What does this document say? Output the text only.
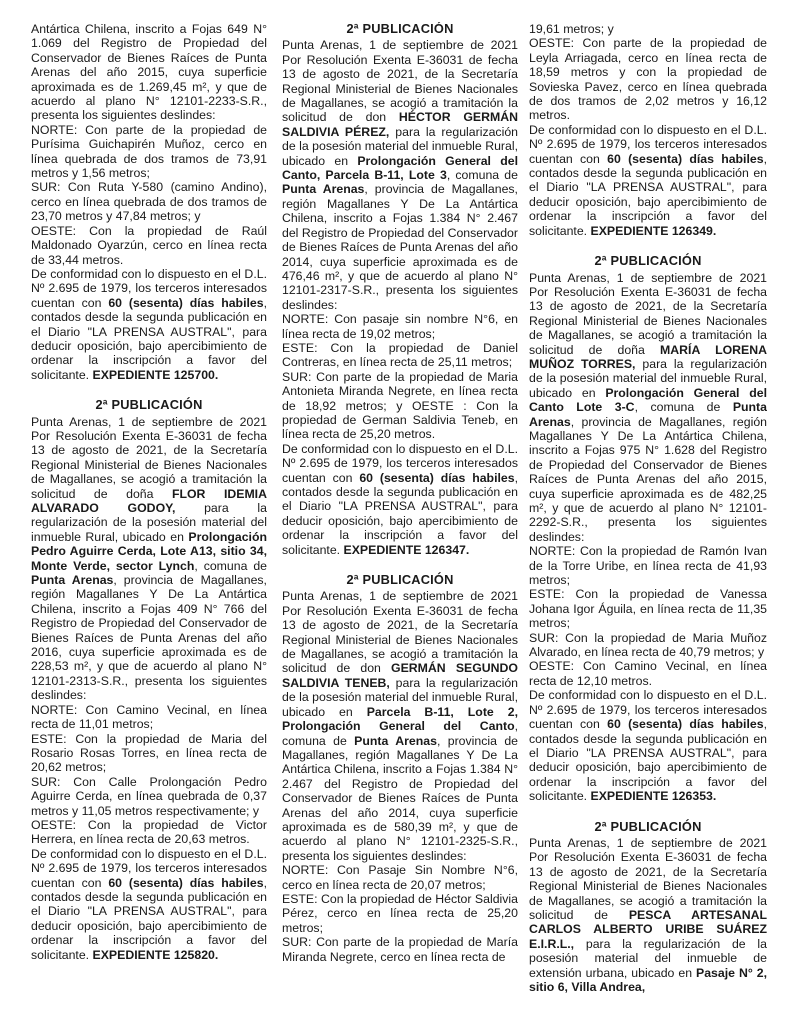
Antártica Chilena, inscrito a Fojas 649 N° 1.069 del Registro de Propiedad del Conservador de Bienes Raíces de Punta Arenas del año 2015, cuya superficie aproximada es de 1.269,45 m², y que de acuerdo al plano N° 12101-2233-S.R., presenta los siguientes deslindes:

NORTE: Con parte de la propiedad de Purísima Guichapirén Muñoz, cerco en línea quebrada de dos tramos de 73,91 metros y 1,56 metros;

SUR: Con Ruta Y-580 (camino Andino), cerco en línea quebrada de dos tramos de 23,70 metros y 47,84 metros; y

OESTE: Con la propiedad de Raúl Maldonado Oyarzún, cerco en línea recta de 33,44 metros.

De conformidad con lo dispuesto en el D.L. Nº 2.695 de 1979, los terceros interesados cuentan con 60 (sesenta) días habiles, contados desde la segunda publicación en el Diario "LA PRENSA AUSTRAL", para deducir oposición, bajo apercibimiento de ordenar la inscripción a favor del solicitante. EXPEDIENTE 125700.

2ª PUBLICACIÓN

Punta Arenas, 1 de septiembre de 2021 Por Resolución Exenta E-36031 de fecha 13 de agosto de 2021, de la Secretaría Regional Ministerial de Bienes Nacionales de Magallanes, se acogió a tramitación la solicitud de doña FLOR IDEMIA ALVARADO GODOY, para la regularización de la posesión material del inmueble Rural, ubicado en Prolongación Pedro Aguirre Cerda, Lote A13, sitio 34, Monte Verde, sector Lynch, comuna de Punta Arenas, provincia de Magallanes, región Magallanes Y De La Antártica Chilena, inscrito a Fojas 409 N° 766 del Registro de Propiedad del Conservador de Bienes Raíces de Punta Arenas del año 2016, cuya superficie aproximada es de 228,53 m², y que de acuerdo al plano N° 12101-2313-S.R., presenta los siguientes deslindes:

NORTE: Con Camino Vecinal, en línea recta de 11,01 metros;

ESTE: Con la propiedad de Maria del Rosario Rosas Torres, en línea recta de 20,62 metros;

SUR: Con Calle Prolongación Pedro Aguirre Cerda, en línea quebrada de 0,37 metros y 11,05 metros respectivamente; y

OESTE: Con la propiedad de Victor Herrera, en línea recta de 20,63 metros.

De conformidad con lo dispuesto en el D.L. Nº 2.695 de 1979, los terceros interesados cuentan con 60 (sesenta) días habiles, contados desde la segunda publicación en el Diario "LA PRENSA AUSTRAL", para deducir oposición, bajo apercibimiento de ordenar la inscripción a favor del solicitante. EXPEDIENTE 125820.

2ª PUBLICACIÓN

Punta Arenas, 1 de septiembre de 2021 Por Resolución Exenta E-36031 de fecha 13 de agosto de 2021, de la Secretaría Regional Ministerial de Bienes Nacionales de Magallanes, se acogió a tramitación la solicitud de don HÉCTOR GERMÁN SALDIVIA PÉREZ, para la regularización de la posesión material del inmueble Rural, ubicado en Prolongación General del Canto, Parcela B-11, Lote 3, comuna de Punta Arenas, provincia de Magallanes, región Magallanes Y De La Antártica Chilena, inscrito a Fojas 1.384 N° 2.467 del Registro de Propiedad del Conservador de Bienes Raíces de Punta Arenas del año 2014, cuya superficie aproximada es de 476,46 m², y que de acuerdo al plano N° 12101-2317-S.R., presenta los siguientes deslindes:

NORTE: Con pasaje sin nombre N°6, en línea recta de 19,02 metros;

ESTE: Con la propiedad de Daniel Contreras, en línea recta de 25,11 metros;

SUR: Con parte de la propiedad de Maria Antonieta Miranda Negrete, en línea recta de 18,92 metros; y OESTE : Con la propiedad de German Saldivia Teneb, en línea recta de 25,20 metros.

De conformidad con lo dispuesto en el D.L. Nº 2.695 de 1979, los terceros interesados cuentan con 60 (sesenta) días habiles, contados desde la segunda publicación en el Diario "LA PRENSA AUSTRAL", para deducir oposición, bajo apercibimiento de ordenar la inscripción a favor del solicitante. EXPEDIENTE 126347.

2ª PUBLICACIÓN

Punta Arenas, 1 de septiembre de 2021 Por Resolución Exenta E-36031 de fecha 13 de agosto de 2021, de la Secretaría Regional Ministerial de Bienes Nacionales de Magallanes, se acogió a tramitación la solicitud de don GERMÁN SEGUNDO SALDIVIA TENEB, para la regularización de la posesión material del inmueble Rural, ubicado en Parcela B-11, Lote 2, Prolongación General del Canto, comuna de Punta Arenas, provincia de Magallanes, región Magallanes Y De La Antártica Chilena, inscrito a Fojas 1.384 N° 2.467 del Registro de Propiedad del Conservador de Bienes Raíces de Punta Arenas del año 2014, cuya superficie aproximada es de 580,39 m², y que de acuerdo al plano N° 12101-2325-S.R., presenta los siguientes deslindes:

NORTE: Con Pasaje Sin Nombre N°6, cerco en línea recta de 20,07 metros;

ESTE: Con la propiedad de Héctor Saldivia Pérez, cerco en línea recta de 25,20 metros;

SUR: Con parte de la propiedad de María Miranda Negrete, cerco en línea recta de

19,61 metros; y

OESTE: Con parte de la propiedad de Leyla Arriagada, cerco en línea recta de 18,59 metros y con la propiedad de Sovieska Pavez, cerco en línea quebrada de dos tramos de 2,02 metros y 16,12 metros.

De conformidad con lo dispuesto en el D.L. Nº 2.695 de 1979, los terceros interesados cuentan con 60 (sesenta) días habiles, contados desde la segunda publicación en el Diario "LA PRENSA AUSTRAL", para deducir oposición, bajo apercibimiento de ordenar la inscripción a favor del solicitante. EXPEDIENTE 126349.

2ª PUBLICACIÓN

Punta Arenas, 1 de septiembre de 2021 Por Resolución Exenta E-36031 de fecha 13 de agosto de 2021, de la Secretaría Regional Ministerial de Bienes Nacionales de Magallanes, se acogió a tramitación la solicitud de doña MARÍA LORENA MUÑOZ TORRES, para la regularización de la posesión material del inmueble Rural, ubicado en Prolongación General del Canto Lote 3-C, comuna de Punta Arenas, provincia de Magallanes, región Magallanes Y De La Antártica Chilena, inscrito a Fojas 975 N° 1.628 del Registro de Propiedad del Conservador de Bienes Raíces de Punta Arenas del año 2015, cuya superficie aproximada es de 482,25 m², y que de acuerdo al plano N° 12101-2292-S.R., presenta los siguientes deslindes:

NORTE: Con la propiedad de Ramón Ivan de la Torre Uribe, en línea recta de 41,93 metros;

ESTE: Con la propiedad de Vanessa Johana Igor Águila, en línea recta de 11,35 metros;

SUR: Con la propiedad de Maria Muñoz Alvarado, en línea recta de 40,79 metros; y

OESTE: Con Camino Vecinal, en línea recta de 12,10 metros.

De conformidad con lo dispuesto en el D.L. Nº 2.695 de 1979, los terceros interesados cuentan con 60 (sesenta) días habiles, contados desde la segunda publicación en el Diario "LA PRENSA AUSTRAL", para deducir oposición, bajo apercibimiento de ordenar la inscripción a favor del solicitante. EXPEDIENTE 126353.

2ª PUBLICACIÓN

Punta Arenas, 1 de septiembre de 2021 Por Resolución Exenta E-36031 de fecha 13 de agosto de 2021, de la Secretaría Regional Ministerial de Bienes Nacionales de Magallanes, se acogió a tramitación la solicitud de PESCA ARTESANAL CARLOS ALBERTO URIBE SUÁREZ E.I.R.L., para la regularización de la posesión material del inmueble de extensión urbana, ubicado en Pasaje N° 2, sitio 6, Villa Andrea,
